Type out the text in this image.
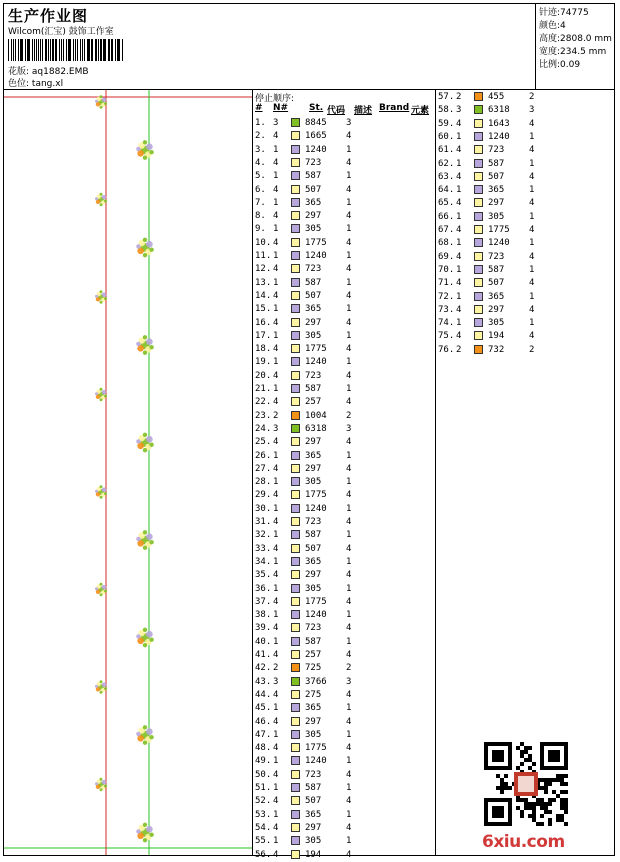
生产作业图
Wilcom(汇宝) 鼓饰工作室
花版: aq1882.EMB
色位: tang.xl
针迹:74775
颜色:4
高度:2808.0 mm
宽度:234.5 mm
比例:0.09
停止顺序:
# N# St. 代码 描述 Brand 元素
1. 3	8845 3
2. 4	1665 4
3. 1	1240 1
4. 4	723	4
5. 1	587	1
6. 4	507	4
7. 1	365	1
8. 4	297	4
9. 1	305	1
10. 4	1775 4
11. 1	1240 1
12. 4	723	4
13. 1	587	1
14. 4	507	4
15. 1	365	1
16. 4	297	4
17. 1	305	1
18. 4	1775 4
19. 1	1240 1
20. 4	723	4
21. 1	587	1
22. 4	257	4
23. 2	1004 2
24. 3	6318 3
25. 4	297	4
26. 1	365	1
27. 4	297	4
28. 1	305	1
29. 4	1775 4
30. 1	1240 1
31. 4	723	4
32. 1	587	1
33. 4	507	4
34. 1	365	1
35. 4	297	4
36. 1	305	1
37. 4	1775 4
38. 1	1240 1
39. 4	723	4
40. 1	587	1
41. 4	257	4
42. 2	725	2
43. 3	3766 3
44. 4	275	4
45. 1	365	1
46. 4	297	4
47. 1	305	1
48. 4	1775 4
49. 1	1240 1
50. 4	723	4
51. 1	587	1
52. 4	507	4
53. 1	365	1
54. 4	297	4
55. 1	305	1
56. 4	194	4
57. 2	455	2
58. 3	6318 3
59. 4	1643 4
60. 1	1240 1
61. 4	723	4
62. 1	587	1
63. 4	507	4
64. 1	365	1
65. 4	297	4
66. 1	305	1
67. 4	1775 4
68. 1	1240 1
69. 4	723	4
70. 1	587	1
71. 4	507	4
72. 1	365	1
73. 4	297	4
74. 1	305	1
75. 4	194	4
76. 2	732	2
6xiu.com
